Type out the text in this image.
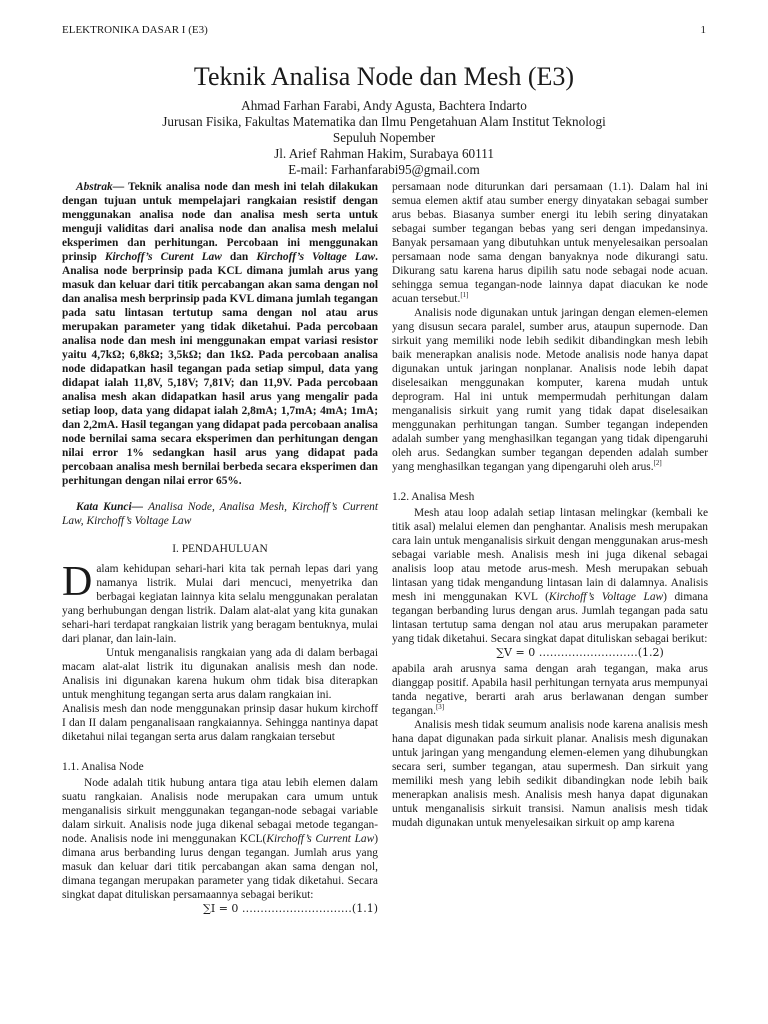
ELEKTRONIKA DASAR I (E3)	1
Teknik Analisa Node dan Mesh (E3)
Ahmad Farhan Farabi, Andy Agusta, Bachtera Indarto
Jurusan Fisika, Fakultas Matematika dan Ilmu Pengetahuan Alam Institut Teknologi
Sepuluh Nopember
Jl. Arief Rahman Hakim, Surabaya 60111
E-mail: Farhanfarabi95@gmail.com

Abstrak— Teknik analisa node dan mesh ini telah dilakukan dengan tujuan untuk mempelajari rangkaian resistif dengan menggunakan analisa node dan analisa mesh serta untuk menguji validitas dari analisa node dan analisa mesh melalui eksperimen dan perhitungan. Percobaan ini menggunakan prinsip Kirchoff’s Curent Law dan Kirchoff’s Voltage Law. Analisa node berprinsip pada KCL dimana jumlah arus yang masuk dan keluar dari titik percabangan akan sama dengan nol dan analisa mesh berprinsip pada KVL dimana jumlah tegangan pada satu lintasan tertutup sama dengan nol atau arus merupakan parameter yang tidak diketahui. Pada percobaan analisa node dan mesh ini menggunakan empat variasi resistor yaitu 4,7kΩ; 6,8kΩ; 3,5kΩ; dan 1kΩ. Pada percobaan analisa node didapatkan hasil tegangan pada setiap simpul, data yang didapat ialah 11,8V, 5,18V; 7,81V; dan 11,9V. Pada percobaan analisa mesh akan didapatkan hasil arus yang mengalir pada setiap loop, data yang didapat ialah 2,8mA; 1,7mA; 4mA; 1mA; dan 2,2mA. Hasil tegangan yang didapat pada percobaan analisa node bernilai sama secara eksperimen dan perhitungan dengan nilai error 1% sedangkan hasil arus yang didapat pada percobaan analisa mesh bernilai berbeda secara eksperimen dan perhitungan dengan nilai error 65%.

Kata Kunci— Analisa Node, Analisa Mesh, Kirchoff’s Current Law, Kirchoff’s Voltage Law

I. PENDAHULUAN

Dalam kehidupan sehari-hari kita tak pernah lepas dari yang namanya listrik. Mulai dari mencuci, menyetrika dan berbagai kegiatan lainnya kita selalu menggunakan peralatan yang berhubungan dengan listrik. Dalam alat-alat yang kita gunakan sehari-hari terdapat rangkaian listrik yang beragam bentuknya, mulai dari planar, dan lain-lain.

Untuk menganalisis rangkaian yang ada di dalam berbagai macam alat-alat listrik itu digunakan analisis mesh dan node. Analisis ini digunakan karena hukum ohm tidak bisa diterapkan untuk menghitung tegangan serta arus dalam rangkaian ini.

Analisis mesh dan node menggunakan prinsip dasar hukum kirchoff I dan II dalam penganalisaan rangkaiannya. Sehingga nantinya dapat diketahui nilai tegangan serta arus dalam rangkaian tersebut

1.1. Analisa Node

Node adalah titik hubung antara tiga atau lebih elemen dalam suatu rangkaian. Analisis node merupakan cara umum untuk menganalisis sirkuit menggunakan tegangan-node sebagai variable dalam sirkuit. Analisis node juga dikenal sebagai metode tegangan-node. Analisis node ini menggunakan KCL(Kirchoff’s Current Law) dimana arus berbanding lurus dengan tegangan. Jumlah arus yang masuk dan keluar dari titik percabangan akan sama dengan nol, dimana tegangan merupakan parameter yang tidak diketahui. Secara singkat dapat dituliskan persamaannya sebagai berikut:

∑I = 0 …………………………(1.1)

persamaan node diturunkan dari persamaan (1.1). Dalam hal ini semua elemen aktif atau sumber energy dinyatakan sebagai sumber arus bebas. Biasanya sumber energi itu lebih sering dinyatakan sebagai sumber tegangan bebas yang seri dengan impedansinya. Banyak persamaan yang dibutuhkan untuk menyelesaikan persoalan persamaan node sama dengan banyaknya node dikurangi satu. Dikurang satu karena harus dipilih satu node sebagai node acuan. sehingga semua tegangan-node lainnya dapat diacukan ke node acuan tersebut.[1]

Analisis node digunakan untuk jaringan dengan elemen-elemen yang disusun secara paralel, sumber arus, ataupun supernode. Dan sirkuit yang memiliki node lebih sedikit dibandingkan mesh lebih baik menerapkan analisis node. Metode analisis node hanya dapat digunakan untuk jaringan nonplanar. Analisis node lebih dapat diselesaikan menggunakan komputer, karena mudah untuk deprogram. Hal ini untuk mempermudah perhitungan dalam menganalisis sirkuit yang rumit yang tidak dapat diselesaikan menggunakan perhitungan tangan. Sumber tegangan independen adalah sumber yang menghasilkan tegangan yang tidak dipengaruhi oleh arus. Sedangkan sumber tegangan dependen adalah sumber yang menghasilkan tegangan yang dipengaruhi oleh arus.[2]

1.2. Analisa Mesh

Mesh atau loop adalah setiap lintasan melingkar (kembali ke titik asal) melalui elemen dan penghantar. Analisis mesh merupakan cara lain untuk menganalisis sirkuit dengan menggunakan arus-mesh sebagai variable mesh. Analisis mesh ini juga dikenal sebagai analisis loop atau metode arus-mesh. Mesh merupakan sebuah lintasan yang tidak mengandung lintasan lain di dalamnya. Analisis mesh ini menggunakan KVL (Kirchoff’s Voltage Law) dimana tegangan berbanding lurus dengan arus. Jumlah tegangan pada satu lintasan tertutup sama dengan nol atau arus merupakan parameter yang tidak diketahui. Secara singkat dapat dituliskan sebagai berikut:

∑V = 0 ………………………(1.2)

apabila arah arusnya sama dengan arah tegangan, maka arus dianggap positif. Apabila hasil perhitungan ternyata arus mempunyai tanda negative, berarti arah arus berlawanan dengan sumber tegangan.[3]

Analisis mesh tidak seumum analisis node karena analisis mesh hana dapat digunakan pada sirkuit planar. Analisis mesh digunakan untuk jaringan yang mengandung elemen-elemen yang dihubungkan secara seri, sumber tegangan, atau supermesh. Dan sirkuit yang memiliki mesh yang lebih sedikit dibandingkan node lebih baik menerapkan analisis mesh. Analisis mesh hanya dapat digunakan untuk menganalisis sirkuit transisi. Namun analisis mesh tidak mudah digunakan untuk menyelesaikan sirkuit op amp karena
